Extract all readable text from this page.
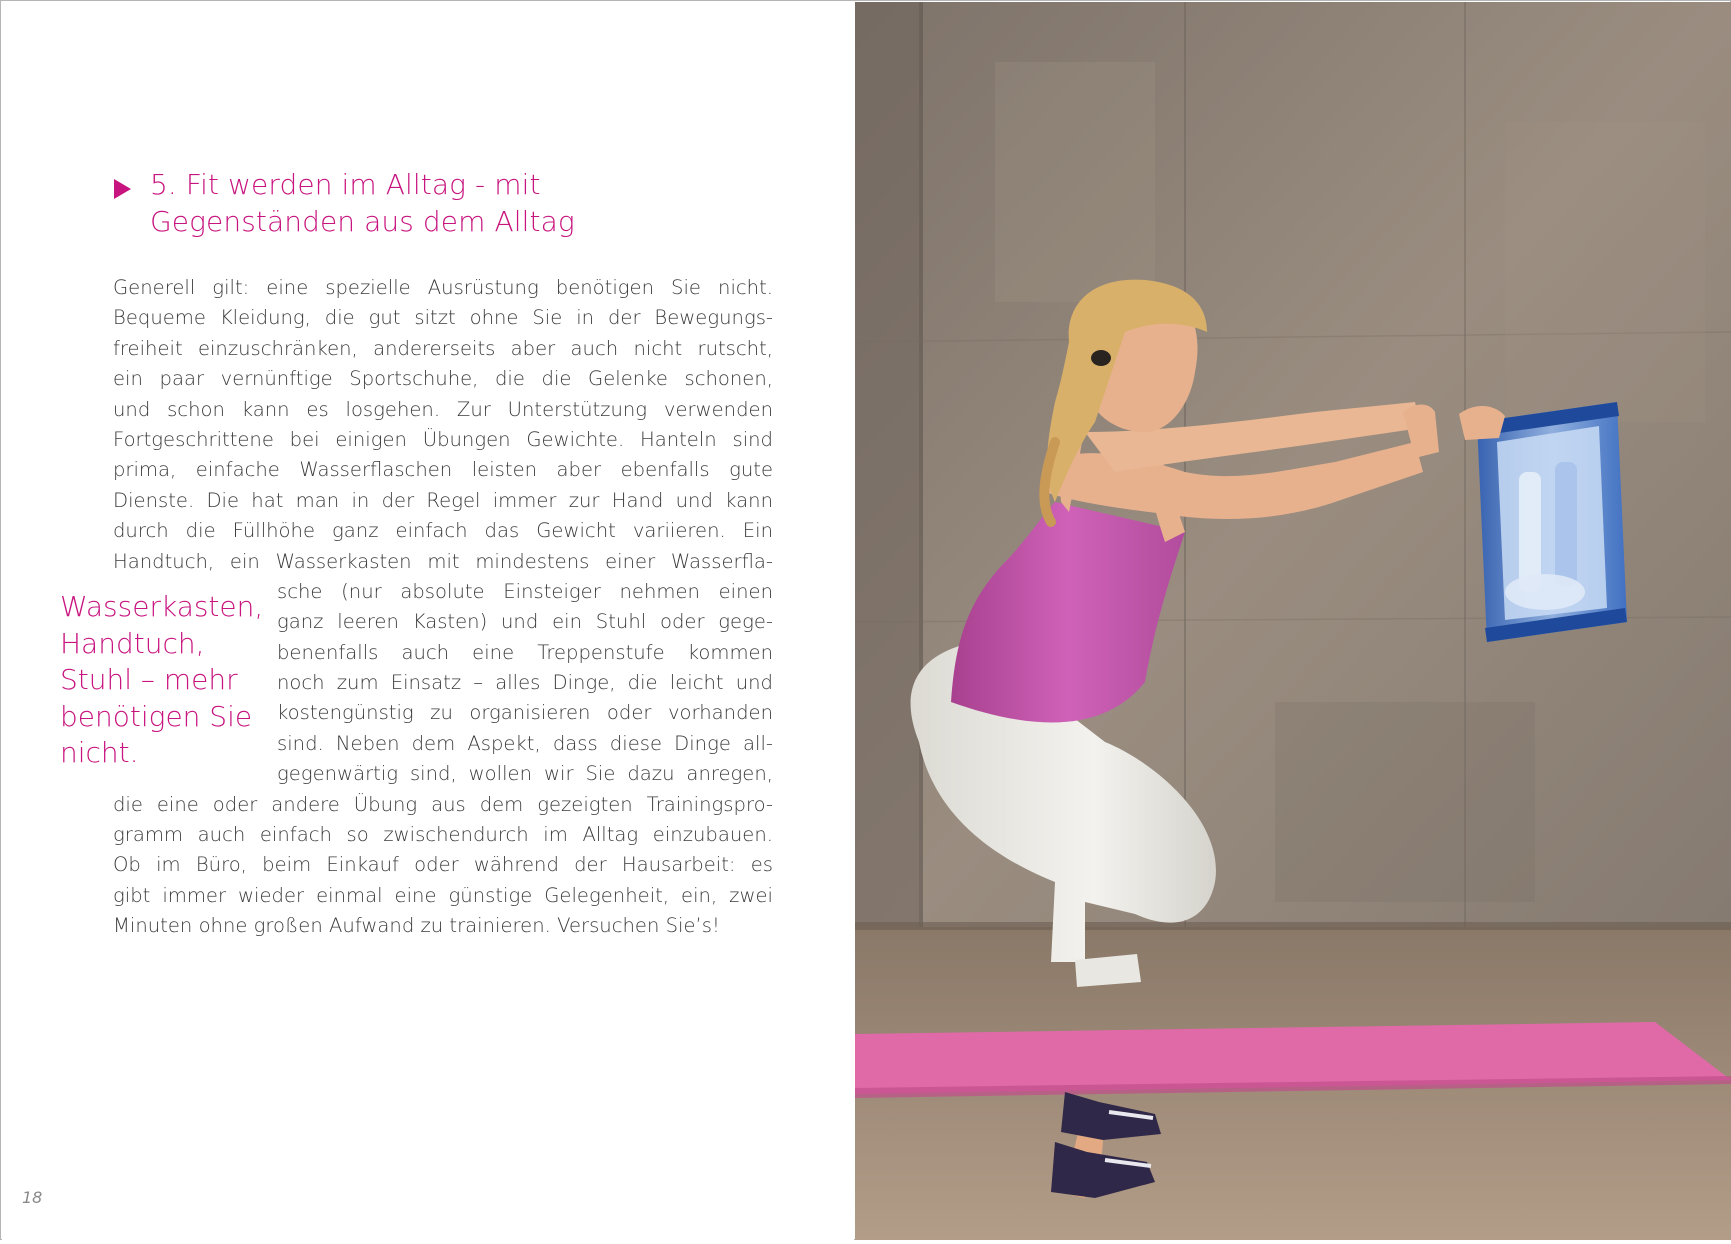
5. Fit werden im Alltag - mit
Gegenständen aus dem Alltag
Generell gilt: eine spezielle Ausrüstung benötigen Sie nicht.
Bequeme Kleidung, die gut sitzt ohne Sie in der Bewegungs-
freiheit einzuschränken, andererseits aber auch nicht rutscht,
ein paar vernünftige Sportschuhe, die die Gelenke schonen,
und schon kann es losgehen. Zur Unterstützung verwenden
Fortgeschrittene bei einigen Übungen Gewichte. Hanteln sind
prima, einfache Wasserflaschen leisten aber ebenfalls gute
Dienste. Die hat man in der Regel immer zur Hand und kann
durch die Füllhöhe ganz einfach das Gewicht variieren. Ein
Handtuch, ein Wasserkasten mit mindestens einer Wasserfla-
sche (nur absolute Einsteiger nehmen einen
ganz leeren Kasten) und ein Stuhl oder gege-
benenfalls auch eine Treppenstufe kommen
noch zum Einsatz – alles Dinge, die leicht und
kostengünstig zu organisieren oder vorhanden
sind. Neben dem Aspekt, dass diese Dinge all-
gegenwärtig sind, wollen wir Sie dazu anregen,
die eine oder andere Übung aus dem gezeigten Trainingspro-
gramm auch einfach so zwischendurch im Alltag einzubauen.
Ob im Büro, beim Einkauf oder während der Hausarbeit: es
gibt immer wieder einmal eine günstige Gelegenheit, ein, zwei
Minuten ohne großen Aufwand zu trainieren. Versuchen Sie’s!
Wasserkasten,
Handtuch,
Stuhl – mehr
benötigen Sie
nicht.
18
